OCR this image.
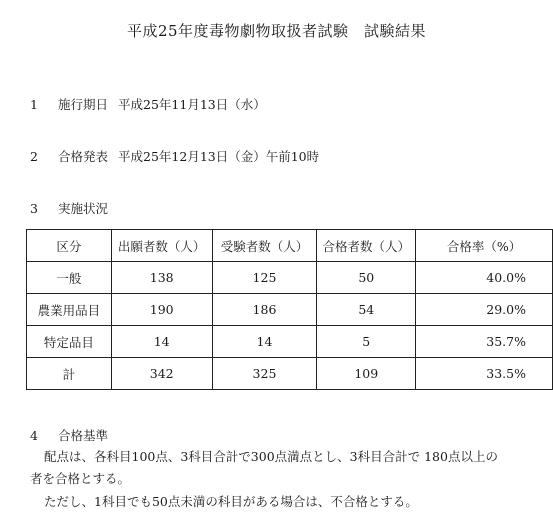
平成25年度毒物劇物取扱者試験　試験結果
1 施行期日 平成25年11月13日（水）
2 合格発表 平成25年12月13日（金）午前10時
3 実施状況
区分	出願者数（人）	受験者数（人）	合格者数（人）	合格率（%）
一般	138	125	50	40.0%
農業用品目	190	186	54	29.0%
特定品目	14	14	5	35.7%
計	342	325	109	33.5%
4 合格基準
配点は、各科目100点、3科目合計で300点満点とし、3科目合計で 180点以上の
者を合格とする。
ただし、1科目でも50点未満の科目がある場合は、不合格とする。
